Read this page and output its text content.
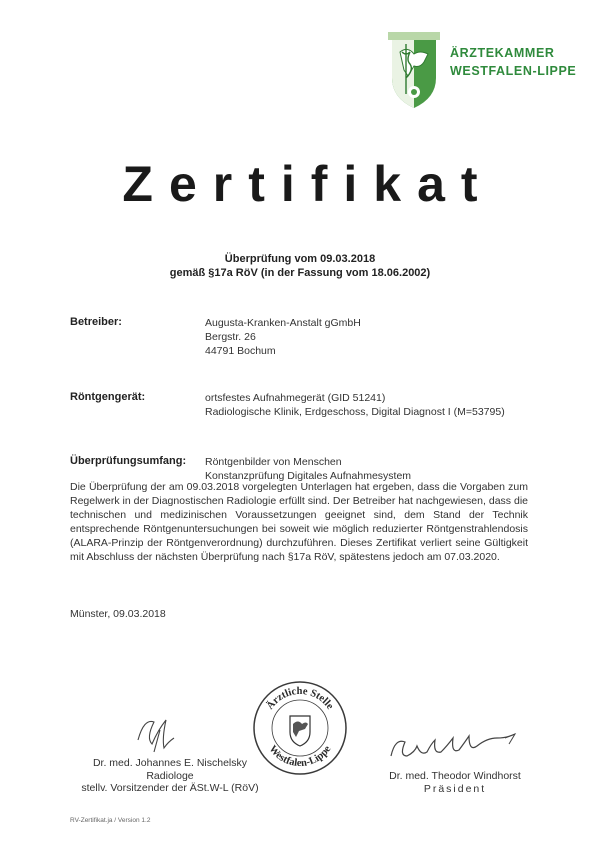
ÄRZTEKAMMER
WESTFALEN-LIPPE
Zertifikat
Überprüfung vom 09.03.2018
gemäß §17a RöV (in der Fassung vom 18.06.2002)
Betreiber:	Augusta-Kranken-Anstalt gGmbH
Bergstr. 26
44791 Bochum
Röntgengerät:	ortsfestes Aufnahmegerät (GID 51241)
Radiologische Klinik, Erdgeschoss, Digital Diagnost I (M=53795)
Überprüfungsumfang: Röntgenbilder von Menschen
Konstanzprüfung Digitales Aufnahmesystem
Die Überprüfung der am 09.03.2018 vorgelegten Unterlagen hat ergeben, dass die Vorgaben zum Regelwerk in der Diagnostischen Radiologie erfüllt sind. Der Betreiber hat nachgewiesen, dass die technischen und medizinischen Voraussetzungen geeignet sind, dem Stand der Technik entsprechende Röntgenuntersuchungen bei soweit wie möglich reduzierter Röntgenstrahlendosis (ALARA-Prinzip der Röntgenverordnung) durchzuführen. Dieses Zertifikat verliert seine Gültigkeit mit Abschluss der nächsten Überprüfung nach §17a RöV, spätestens jedoch am 07.03.2020.
Münster, 09.03.2018
Ärztliche Stelle
Westfalen-Lippe
Dr. med. Johannes E. Nischelsky
Radiologe
stellv. Vorsitzender der ÄSt.W-L (RöV)
Dr. med. Theodor Windhorst
Präsident
RV-Zertifikat.ja / Version 1.2
